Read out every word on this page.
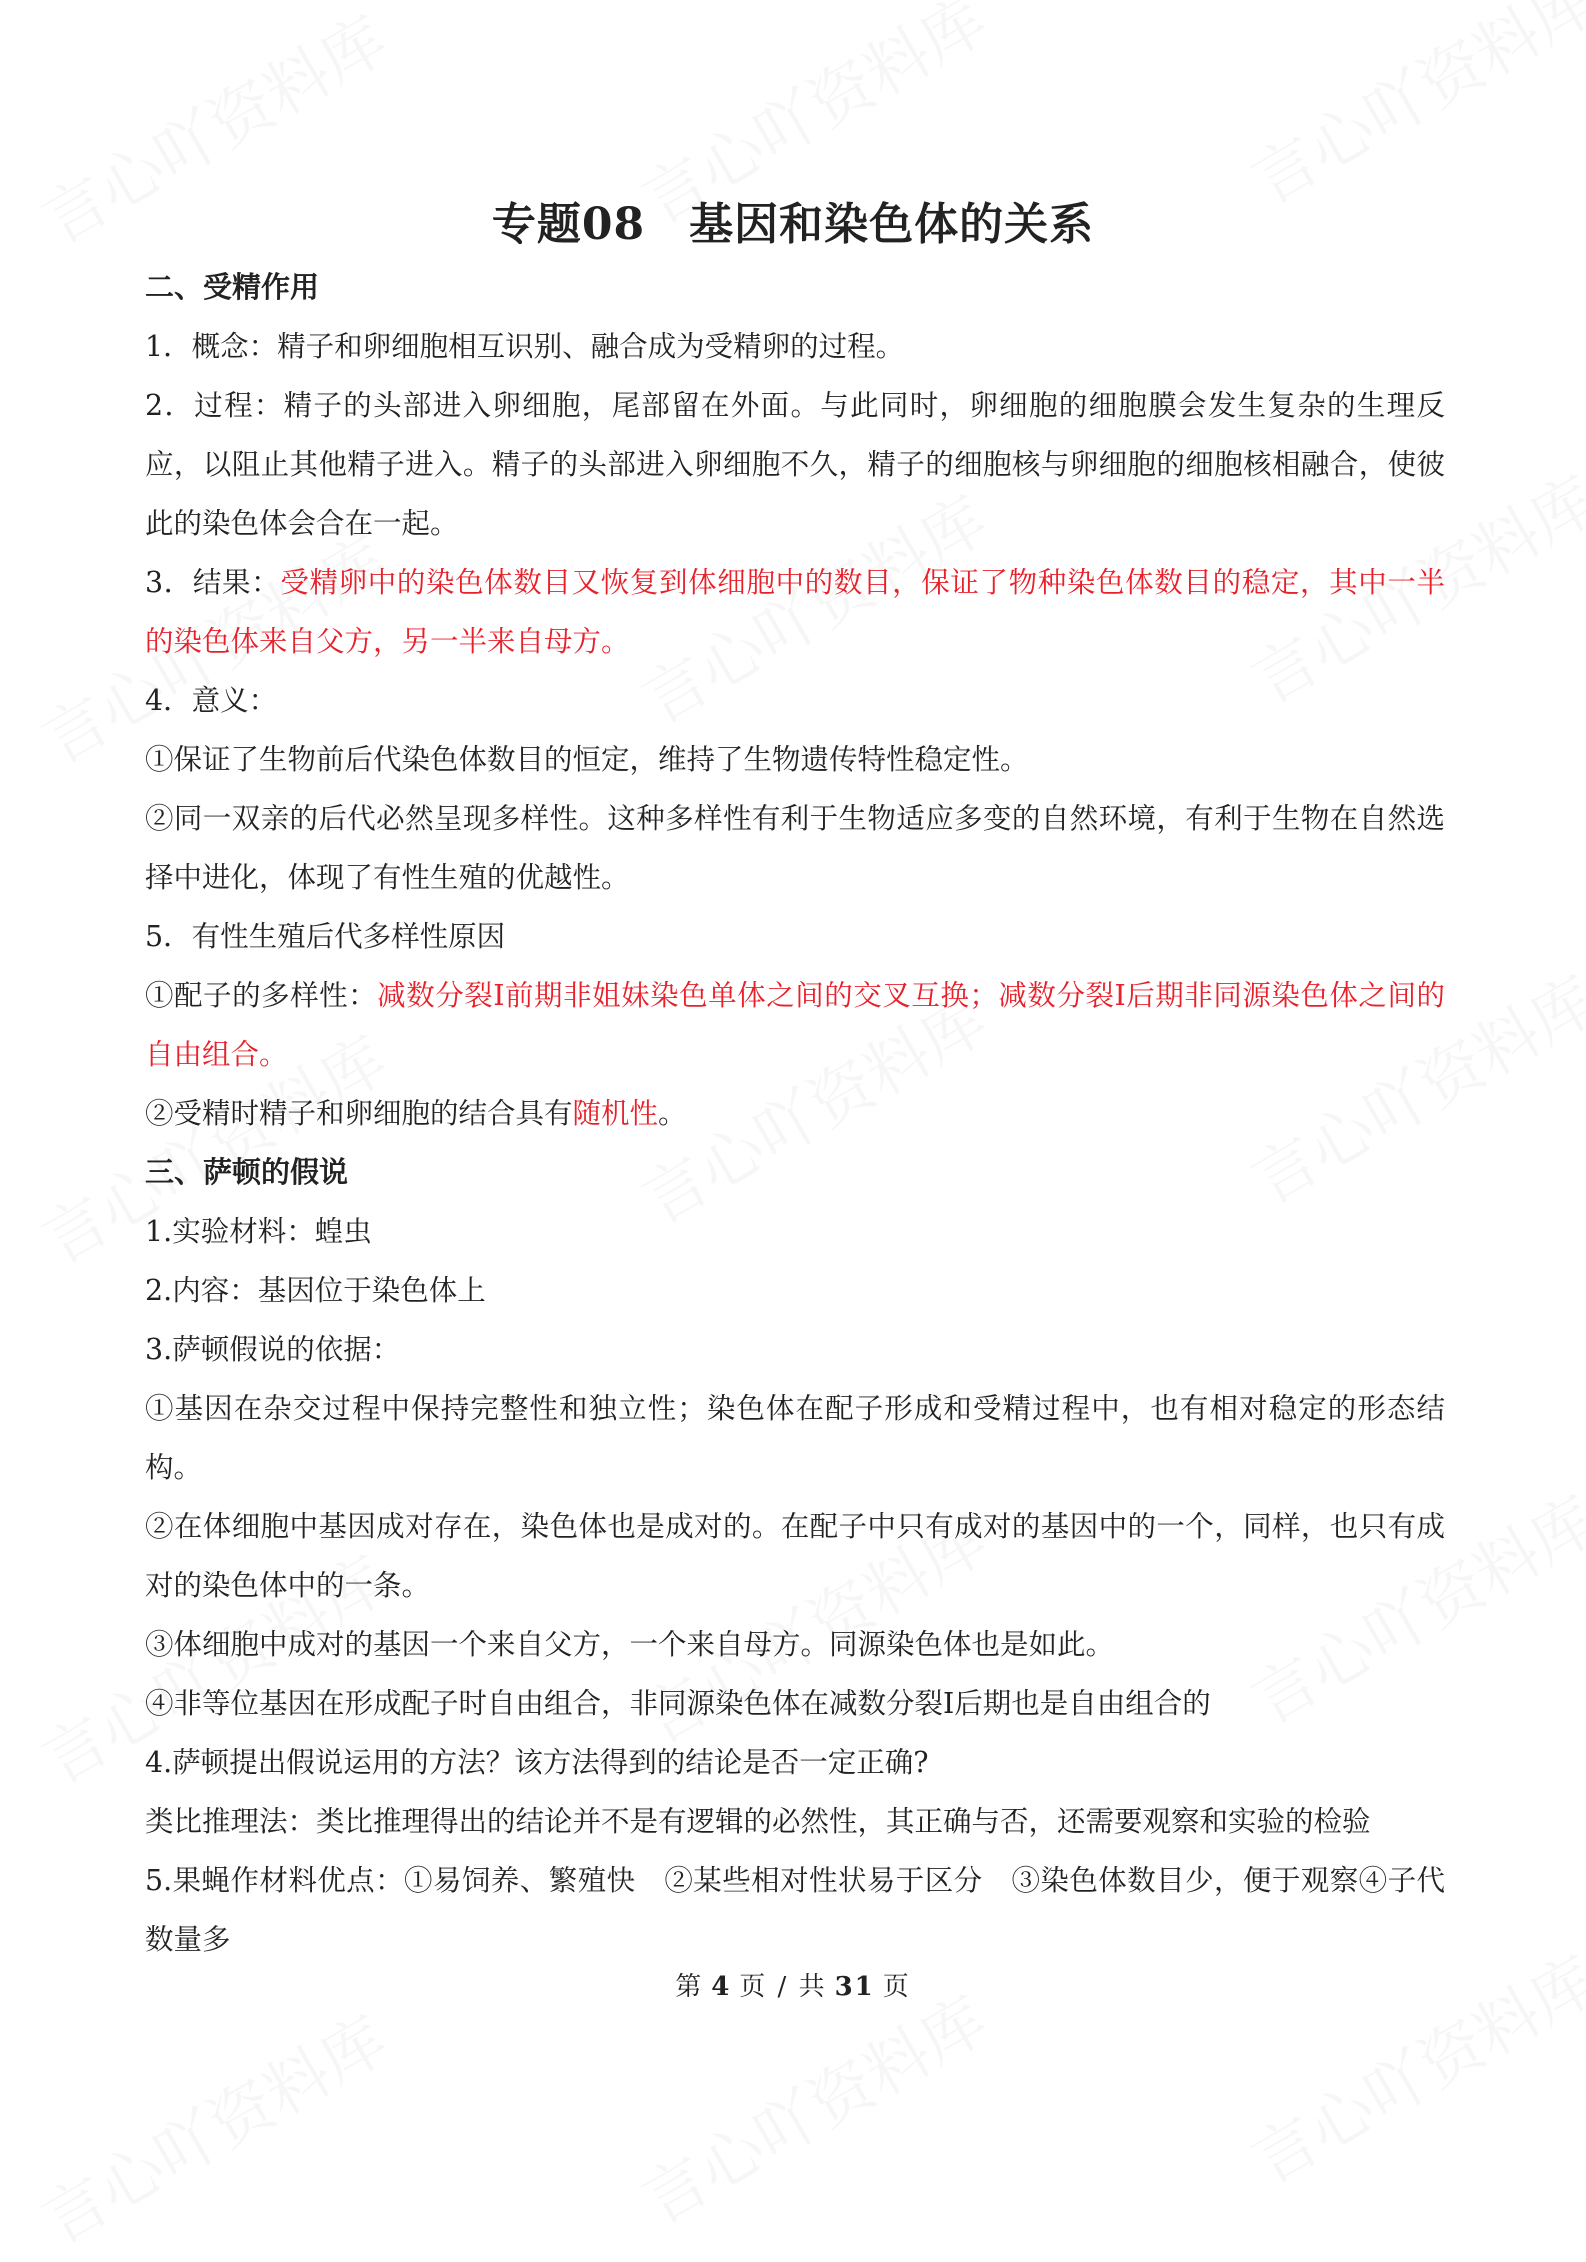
专题08 基因和染色体的关系

二、受精作用

1．概念：精子和卵细胞相互识别、融合成为受精卵的过程。

2．过程：精子的头部进入卵细胞，尾部留在外面。与此同时，卵细胞的细胞膜会发生复杂的生理反应，以阻止其他精子进入。精子的头部进入卵细胞不久，精子的细胞核与卵细胞的细胞核相融合，使彼此的染色体会合在一起。

3．结果：受精卵中的染色体数目又恢复到体细胞中的数目，保证了物种染色体数目的稳定，其中一半的染色体来自父方，另一半来自母方。

4．意义：

①保证了生物前后代染色体数目的恒定，维持了生物遗传特性稳定性。

②同一双亲的后代必然呈现多样性。这种多样性有利于生物适应多变的自然环境，有利于生物在自然选择中进化，体现了有性生殖的优越性。

5．有性生殖后代多样性原因

①配子的多样性：减数分裂I前期非姐妹染色单体之间的交叉互换；减数分裂I后期非同源染色体之间的自由组合。

②受精时精子和卵细胞的结合具有随机性。

三、萨顿的假说

1.实验材料：蝗虫

2.内容：基因位于染色体上

3.萨顿假说的依据：

①基因在杂交过程中保持完整性和独立性；染色体在配子形成和受精过程中，也有相对稳定的形态结构。

②在体细胞中基因成对存在，染色体也是成对的。在配子中只有成对的基因中的一个，同样，也只有成对的染色体中的一条。

③体细胞中成对的基因一个来自父方，一个来自母方。同源染色体也是如此。

④非等位基因在形成配子时自由组合，非同源染色体在减数分裂I后期也是自由组合的

4.萨顿提出假说运用的方法？该方法得到的结论是否一定正确?

类比推理法：类比推理得出的结论并不是有逻辑的必然性，其正确与否，还需要观察和实验的检验

5.果蝇作材料优点：①易饲养、繁殖快　②某些相对性状易于区分　③染色体数目少，便于观察④子代数量多

第 4 页 / 共 31 页
